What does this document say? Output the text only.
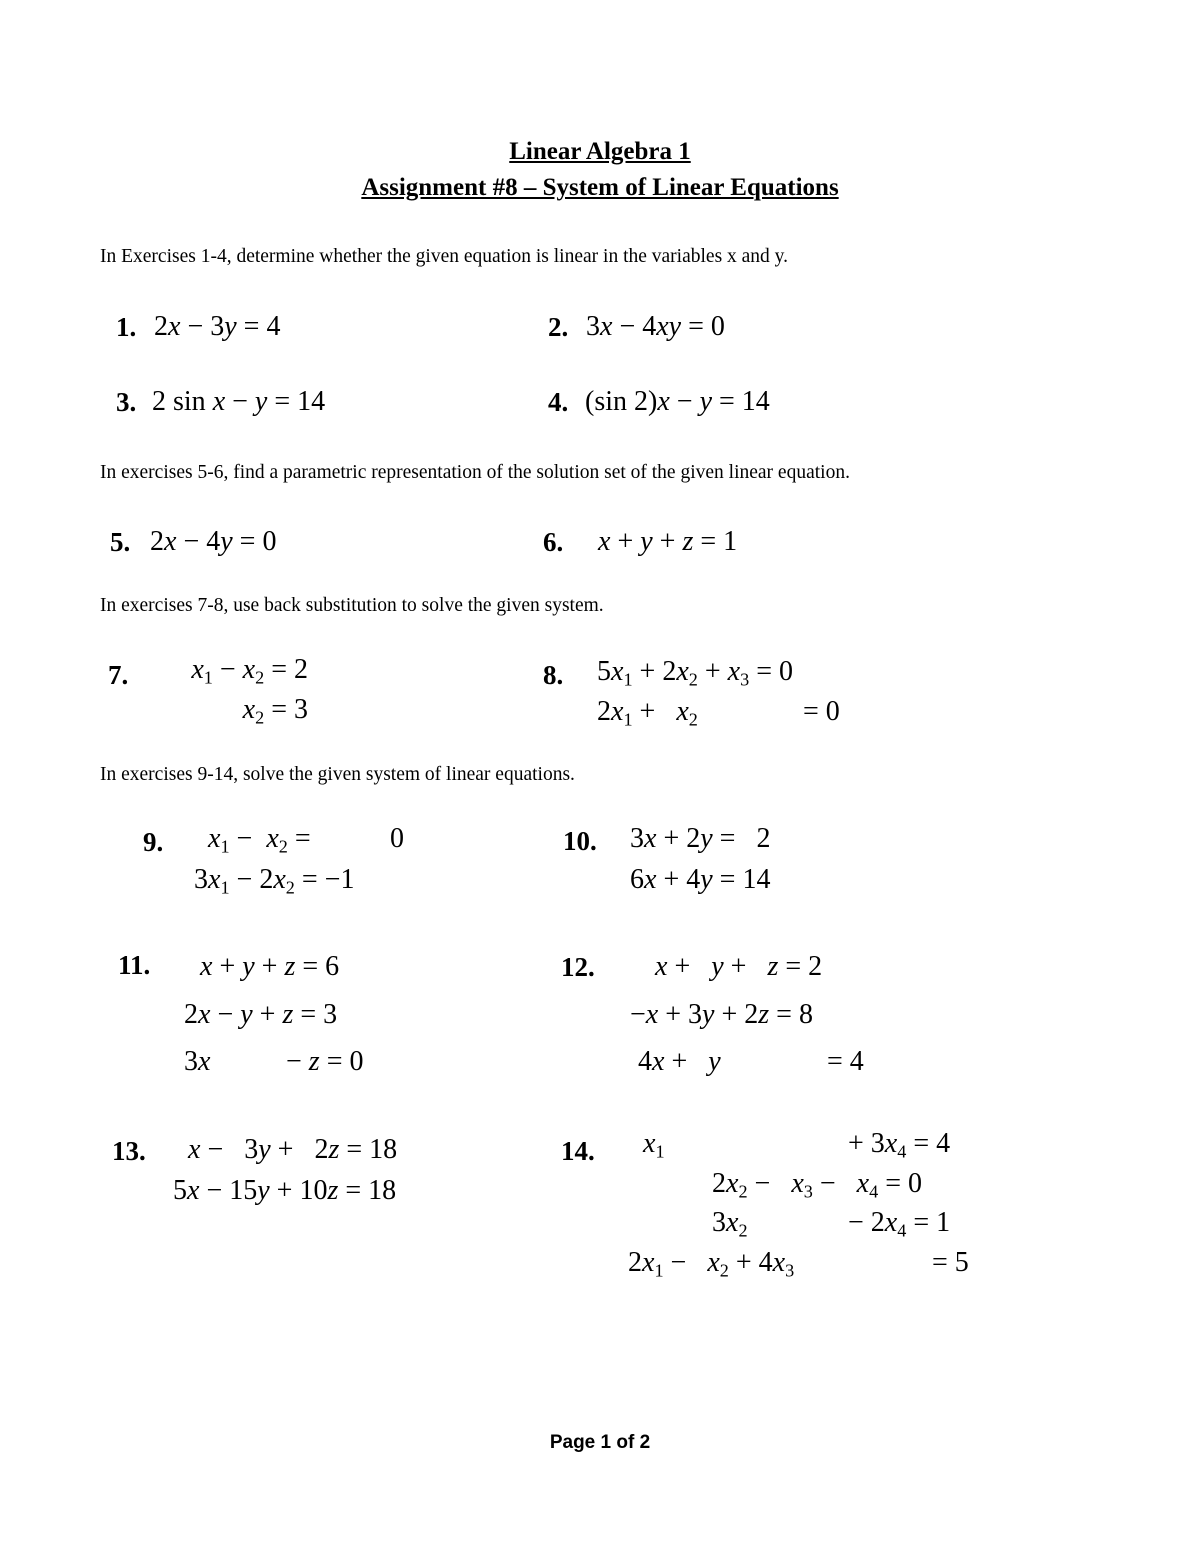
Linear Algebra 1
Assignment #8 – System of Linear Equations
In Exercises 1-4, determine whether the given equation is linear in the variables x and y.
1. 2x − 3y = 4	2. 3x − 4xy = 0
3. 2 sin x − y = 14	4. (sin 2)x − y = 14
In exercises 5-6, find a parametric representation of the solution set of the given linear equation.
5. 2x − 4y = 0	6. x + y + z = 1
In exercises 7-8, use back substitution to solve the given system.
7.	$x_1 - x_2 = 2$
$x_2 = 3$
8. $5x_1 + 2x_2 + x_3 = 0$
$2x_1 + x_2$	= 0
In exercises 9-14, solve the given system of linear equations.
9. $x_1 - x_2$ =	0
$3x_1 - 2x_2 = -1$
10. 3x + 2y =   2
6x + 4y = 14
11. x + y + z = 6
2x − y + z = 3
3x	− z = 0
12. x +   y +   z = 2
−x + 3y + 2z = 8
4x +   y	= 4
13. x −   3y +   2z = 18
5x − 15y + 10z = 18
14. $x_1$	+ $3x_4 = 4$
$2x_2 - x_3 - x_4 = 0$
$3x_2$	− $2x_4 = 1$
$2x_1 - x_2 + 4x_3$	= 5
Page 1 of 2
